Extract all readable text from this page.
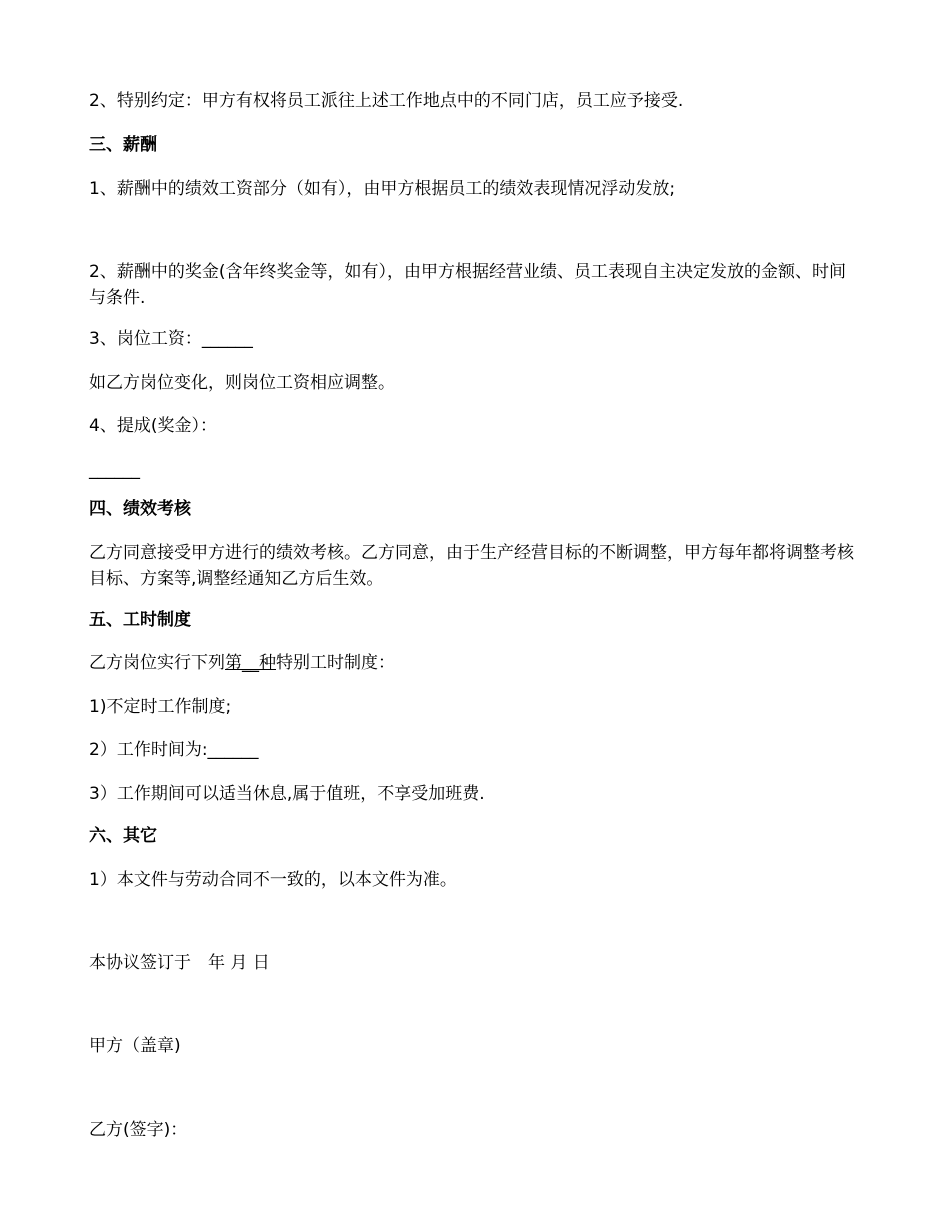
2、特别约定：甲方有权将员工派往上述工作地点中的不同门店，员工应予接受.
三、薪酬
1、薪酬中的绩效工资部分（如有），由甲方根据员工的绩效表现情况浮动发放;
2、薪酬中的奖金(含年终奖金等，如有），由甲方根据经营业绩、员工表现自主决定发放的金额、时间与条件.
3、岗位工资：______
如乙方岗位变化，则岗位工资相应调整。
4、提成(奖金）：
______
四、绩效考核
乙方同意接受甲方进行的绩效考核。乙方同意，由于生产经营目标的不断调整，甲方每年都将调整考核目标、方案等,调整经通知乙方后生效。
五、工时制度
乙方岗位实行下列第__种特别工时制度：
1)不定时工作制度;
2）工作时间为:______
3）工作期间可以适当休息,属于值班，不享受加班费.
六、其它
1）本文件与劳动合同不一致的，以本文件为准。
本协议签订于　年 月 日
甲方（盖章)
乙方(签字)：
